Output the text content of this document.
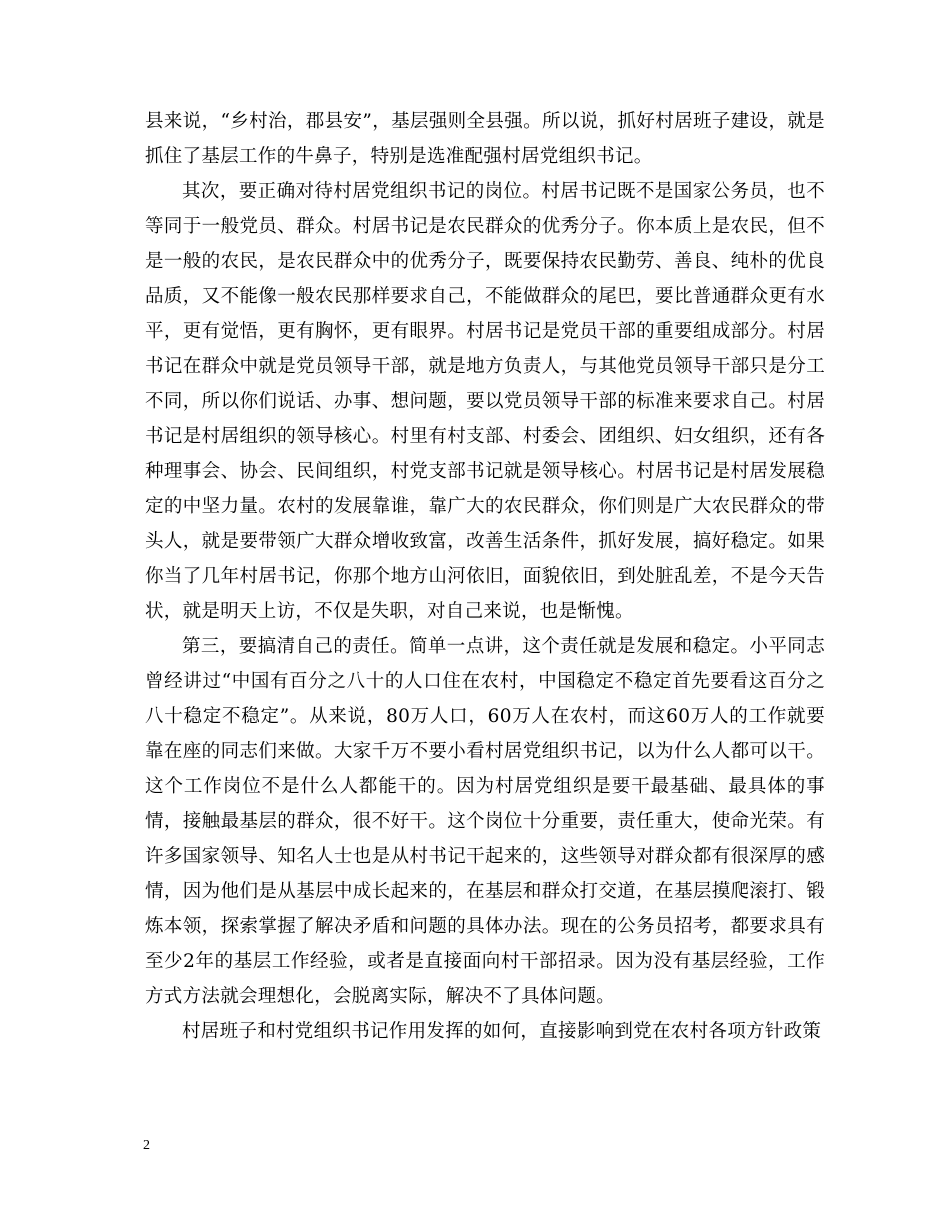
县来说，“乡村治，郡县安”，基层强则全县强。所以说，抓好村居班子建设，就是抓住了基层工作的牛鼻子，特别是选准配强村居党组织书记。

其次，要正确对待村居党组织书记的岗位。村居书记既不是国家公务员，也不等同于一般党员、群众。村居书记是农民群众的优秀分子。你本质上是农民，但不是一般的农民，是农民群众中的优秀分子，既要保持农民勤劳、善良、纯朴的优良品质，又不能像一般农民那样要求自己，不能做群众的尾巴，要比普通群众更有水平，更有觉悟，更有胸怀，更有眼界。村居书记是党员干部的重要组成部分。村居书记在群众中就是党员领导干部，就是地方负责人，与其他党员领导干部只是分工不同，所以你们说话、办事、想问题，要以党员领导干部的标准来要求自己。村居书记是村居组织的领导核心。村里有村支部、村委会、团组织、妇女组织，还有各种理事会、协会、民间组织，村党支部书记就是领导核心。村居书记是村居发展稳定的中坚力量。农村的发展靠谁，靠广大的农民群众，你们则是广大农民群众的带头人，就是要带领广大群众增收致富，改善生活条件，抓好发展，搞好稳定。如果你当了几年村居书记，你那个地方山河依旧，面貌依旧，到处脏乱差，不是今天告状，就是明天上访，不仅是失职，对自己来说，也是惭愧。

第三，要搞清自己的责任。简单一点讲，这个责任就是发展和稳定。小平同志曾经讲过“中国有百分之八十的人口住在农村，中国稳定不稳定首先要看这百分之八十稳定不稳定”。从来说，80万人口，60万人在农村，而这60万人的工作就要靠在座的同志们来做。大家千万不要小看村居党组织书记，以为什么人都可以干。这个工作岗位不是什么人都能干的。因为村居党组织是要干最基础、最具体的事情，接触最基层的群众，很不好干。这个岗位十分重要，责任重大，使命光荣。有许多国家领导、知名人士也是从村书记干起来的，这些领导对群众都有很深厚的感情，因为他们是从基层中成长起来的，在基层和群众打交道，在基层摸爬滚打、锻炼本领，探索掌握了解决矛盾和问题的具体办法。现在的公务员招考，都要求具有至少2年的基层工作经验，或者是直接面向村干部招录。因为没有基层经验，工作方式方法就会理想化，会脱离实际，解决不了具体问题。

村居班子和村党组织书记作用发挥的如何，直接影响到党在农村各项方针政策

2
